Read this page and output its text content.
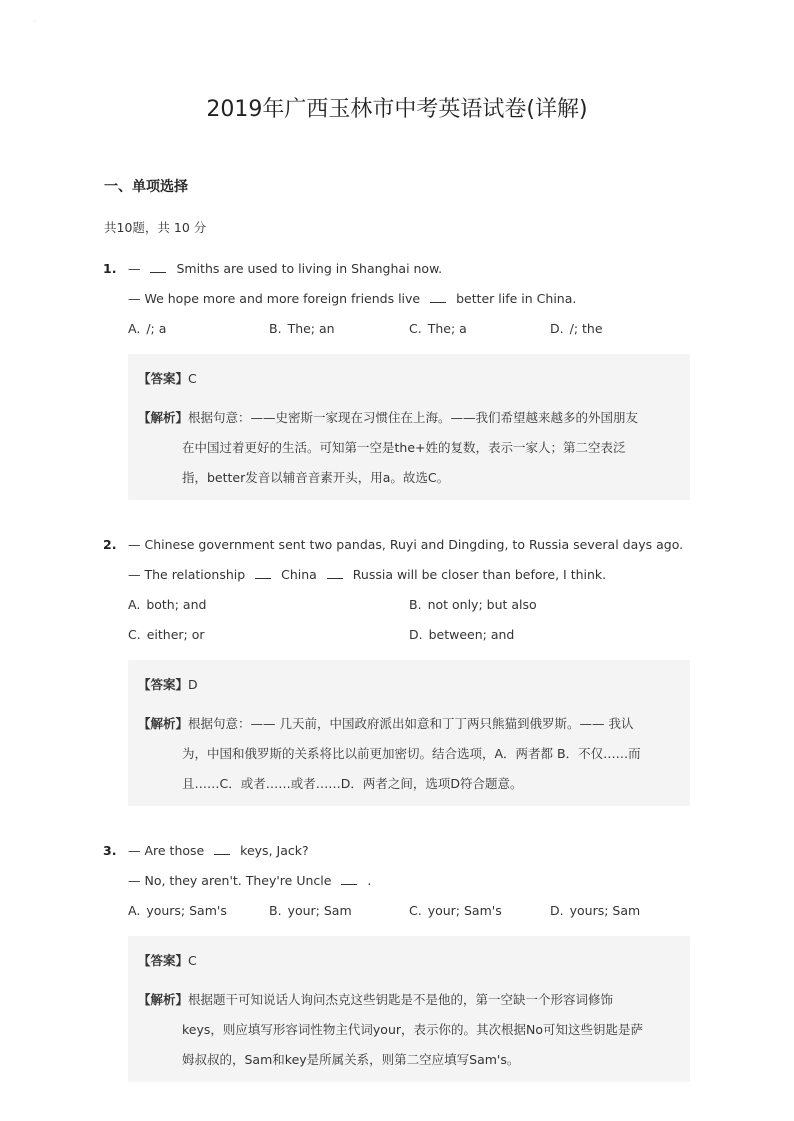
◦
2019年广西玉林市中考英语试卷(详解)
一、单项选择
共10题，共 10 分
1. —  Smiths are used to living in Shanghai now.
— We hope more and more foreign friends live  better life in China.
A. /; a	B. The; an	C. The; a	D. /; the
【答案】C
【解析】根据句意：——史密斯一家现在习惯住在上海。——我们希望越来越多的外国朋友
在中国过着更好的生活。可知第一空是the+姓的复数，表示一家人；第二空表泛
指，better发音以辅音音素开头，用a。故选C。
2. — Chinese government sent two pandas, Ruyi and Dingding, to Russia several days ago.
— The relationship  China  Russia will be closer than before, I think.
A. both; and	B. not only; but also
C. either; or	D. between; and
【答案】D
【解析】根据句意：—— 几天前，中国政府派出如意和丁丁两只熊猫到俄罗斯。—— 我认
为，中国和俄罗斯的关系将比以前更加密切。结合选项，A．两者都 B．不仅……而
且……C．或者……或者……D．两者之间，选项D符合题意。
3. — Are those  keys, Jack?
— No, they aren't. They're Uncle  .
A. yours; Sam's	B. your; Sam	C. your; Sam's	D. yours; Sam
【答案】C
【解析】根据题干可知说话人询问杰克这些钥匙是不是他的，第一空缺一个形容词修饰
keys，则应填写形容词性物主代词your，表示你的。其次根据No可知这些钥匙是萨
姆叔叔的，Sam和key是所属关系，则第二空应填写Sam's。
